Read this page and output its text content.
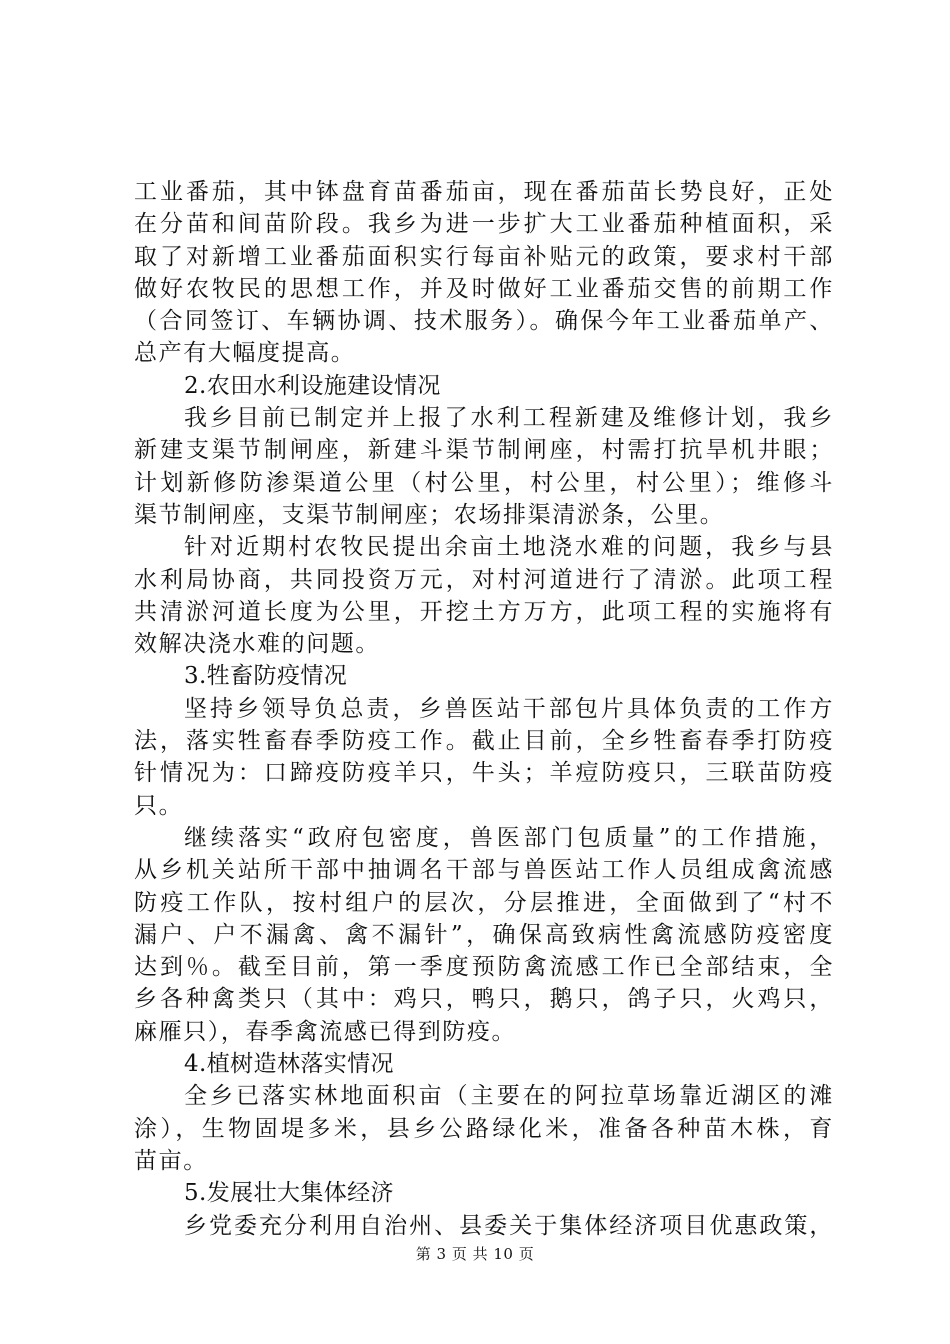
工业番茄，其中钵盘育苗番茄亩，现在番茄苗长势良好，正处
在分苗和间苗阶段。我乡为进一步扩大工业番茄种植面积，采
取了对新增工业番茄面积实行每亩补贴元的政策，要求村干部
做好农牧民的思想工作，并及时做好工业番茄交售的前期工作
（合同签订、车辆协调、技术服务）。确保今年工业番茄单产、
总产有大幅度提高。
2.农田水利设施建设情况
我乡目前已制定并上报了水利工程新建及维修计划，我乡
新建支渠节制闸座，新建斗渠节制闸座，村需打抗旱机井眼；
计划新修防渗渠道公里（村公里，村公里，村公里）；维修斗
渠节制闸座，支渠节制闸座；农场排渠清淤条，公里。
针对近期村农牧民提出余亩土地浇水难的问题，我乡与县
水利局协商，共同投资万元，对村河道进行了清淤。此项工程
共清淤河道长度为公里，开挖土方万方，此项工程的实施将有
效解决浇水难的问题。
3.牲畜防疫情况
坚持乡领导负总责，乡兽医站干部包片具体负责的工作方
法，落实牲畜春季防疫工作。截止目前，全乡牲畜春季打防疫
针情况为：口蹄疫防疫羊只，牛头；羊痘防疫只，三联苗防疫
只。
继续落实“政府包密度，兽医部门包质量”的工作措施，
从乡机关站所干部中抽调名干部与兽医站工作人员组成禽流感
防疫工作队，按村组户的层次，分层推进，全面做到了“村不
漏户、户不漏禽、禽不漏针”，确保高致病性禽流感防疫密度
达到％。截至目前，第一季度预防禽流感工作已全部结束，全
乡各种禽类只（其中：鸡只，鸭只，鹅只，鸽子只，火鸡只，
麻雁只），春季禽流感已得到防疫。
4.植树造林落实情况
全乡已落实林地面积亩（主要在的阿拉草场靠近湖区的滩
涂），生物固堤多米，县乡公路绿化米，准备各种苗木株，育
苗亩。
5.发展壮大集体经济
乡党委充分利用自治州、县委关于集体经济项目优惠政策，
第 3 页 共 10 页
